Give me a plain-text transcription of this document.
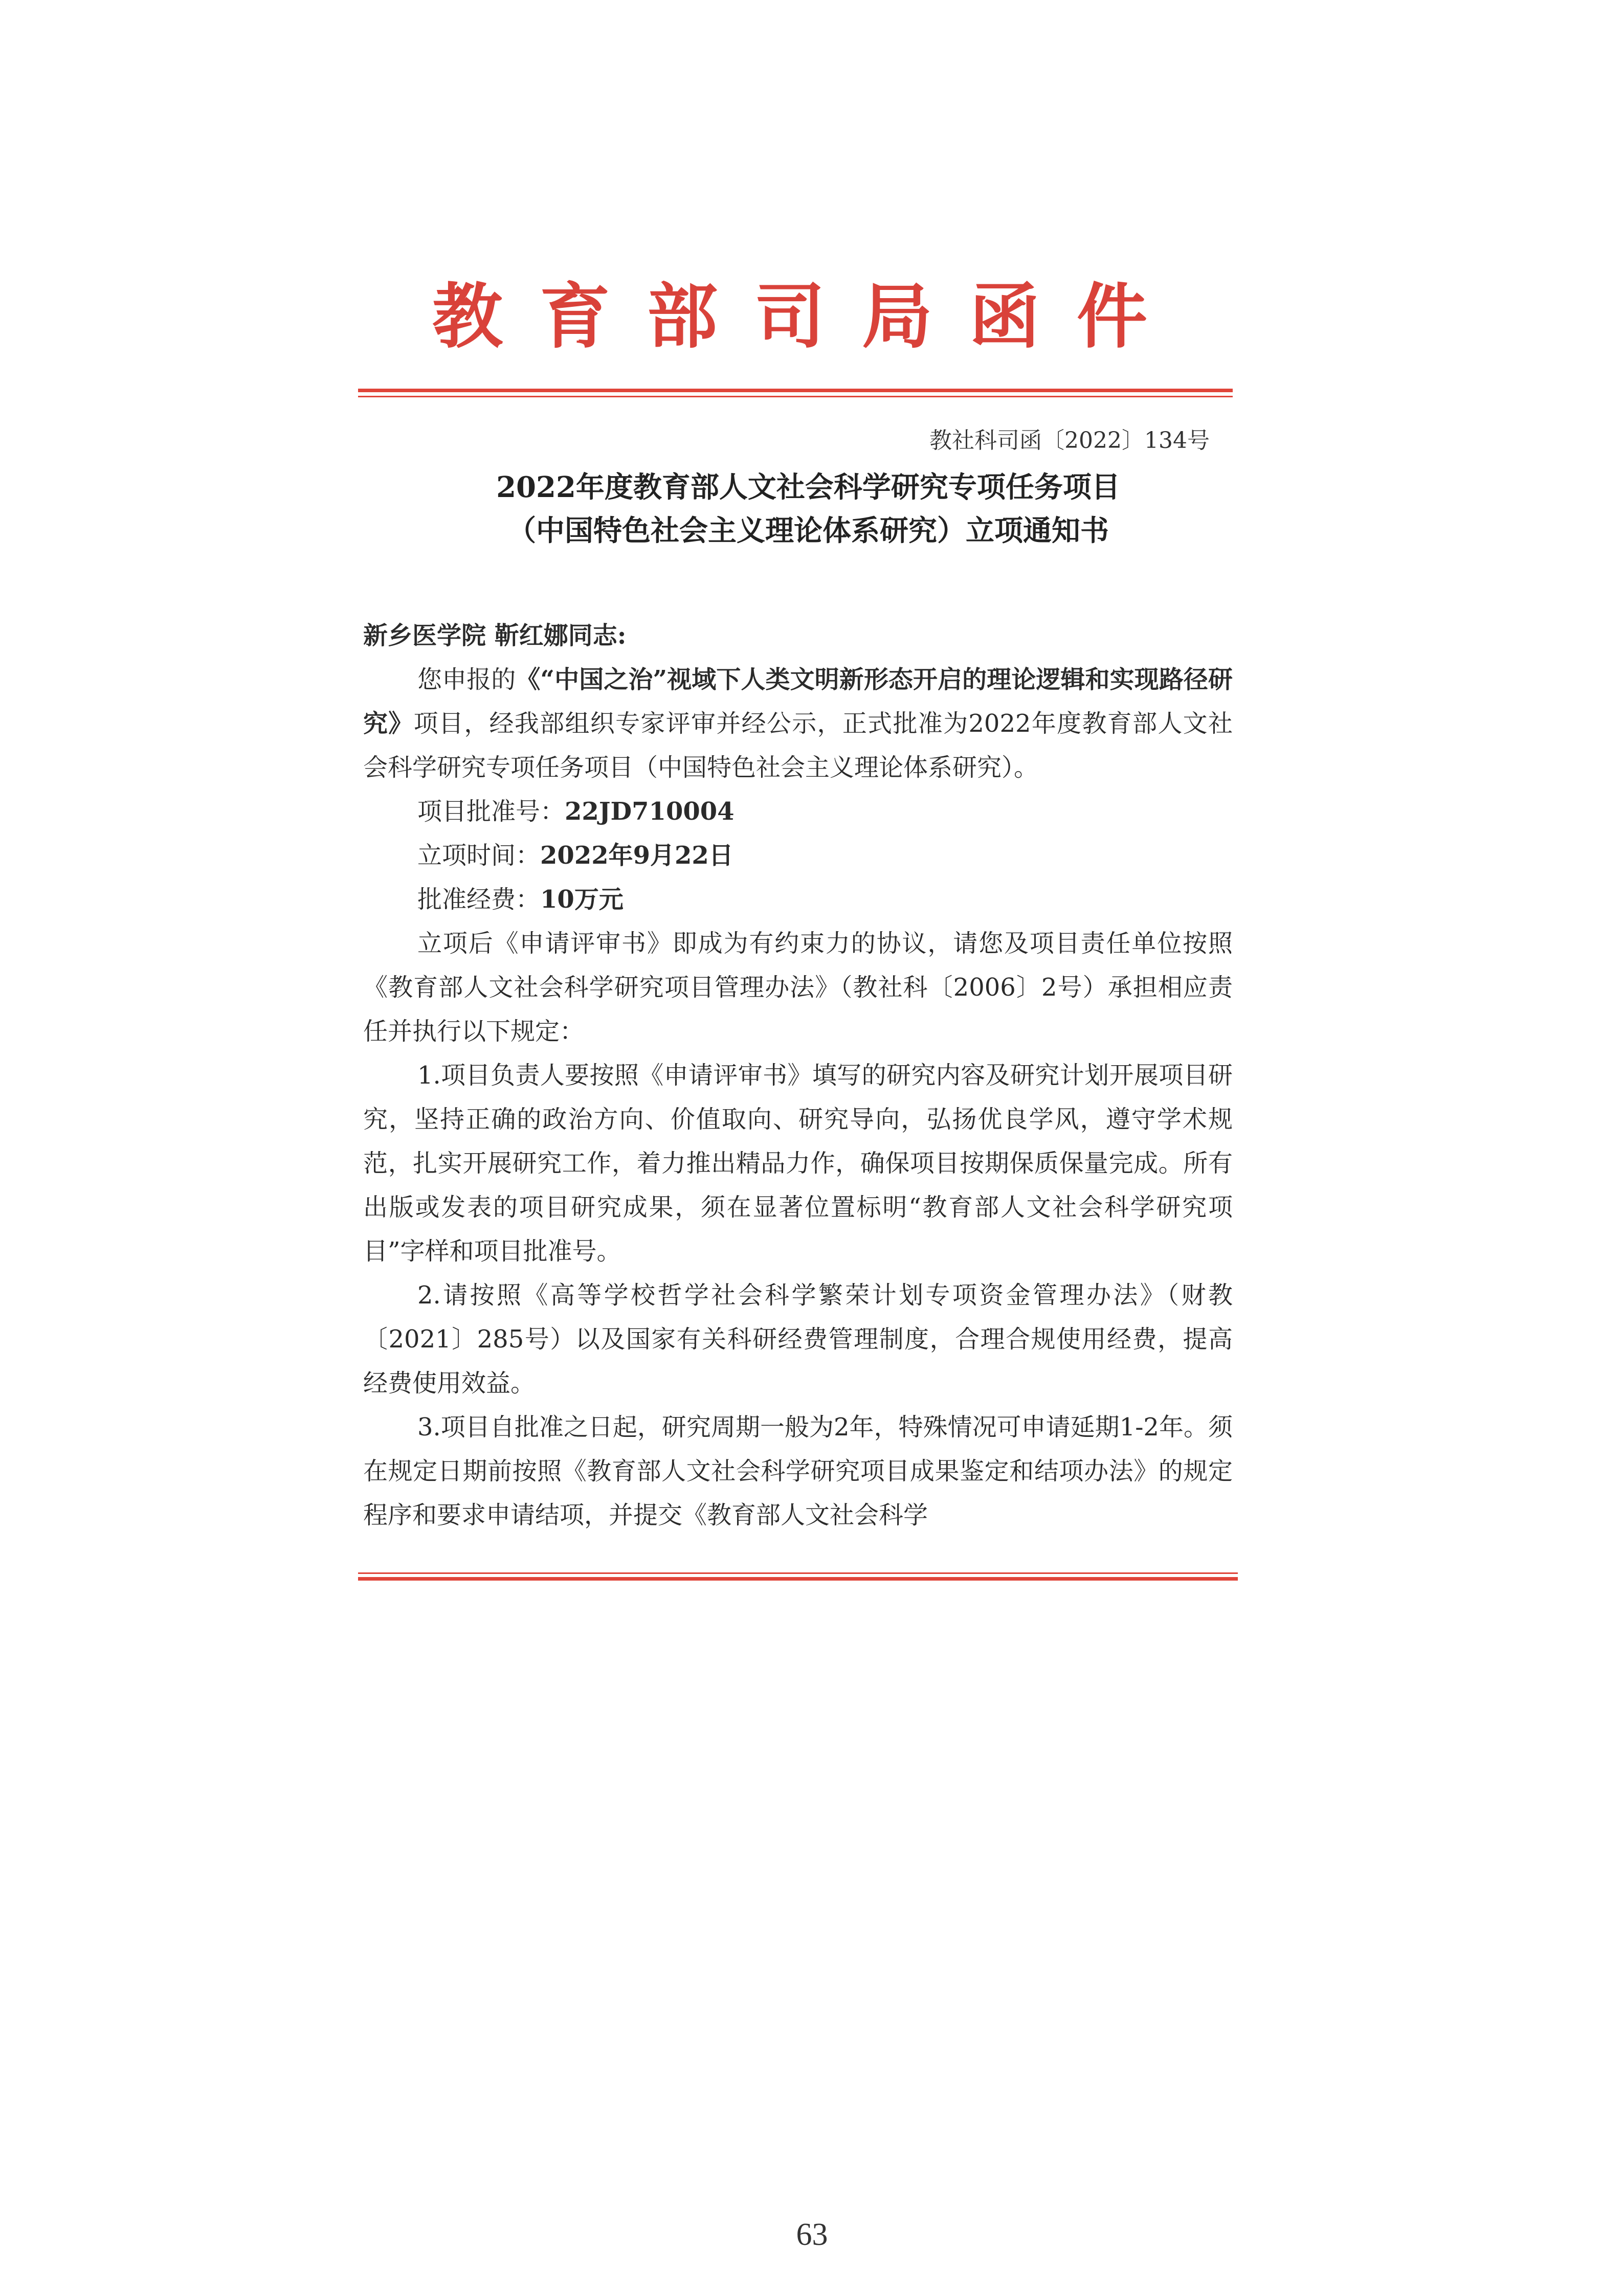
教育部司局函件
教社科司函〔2022〕134号
2022年度教育部人文社会科学研究专项任务项目
（中国特色社会主义理论体系研究）立项通知书

新乡医学院 靳红娜同志:

您申报的《“中国之治”视域下人类文明新形态开启的理论逻辑和实现路径研究》项目，经我部组织专家评审并经公示，正式批准为2022年度教育部人文社会科学研究专项任务项目（中国特色社会主义理论体系研究）。

项目批准号：22JD710004

立项时间：2022年9月22日

批准经费：10万元

立项后《申请评审书》即成为有约束力的协议，请您及项目责任单位按照《教育部人文社会科学研究项目管理办法》（教社科〔2006〕2号）承担相应责任并执行以下规定：

1.项目负责人要按照《申请评审书》填写的研究内容及研究计划开展项目研究，坚持正确的政治方向、价值取向、研究导向，弘扬优良学风，遵守学术规范，扎实开展研究工作，着力推出精品力作，确保项目按期保质保量完成。所有出版或发表的项目研究成果，须在显著位置标明“教育部人文社会科学研究项目”字样和项目批准号。

2.请按照《高等学校哲学社会科学繁荣计划专项资金管理办法》（财教〔2021〕285号）以及国家有关科研经费管理制度，合理合规使用经费，提高经费使用效益。

3.项目自批准之日起，研究周期一般为2年，特殊情况可申请延期1-2年。须在规定日期前按照《教育部人文社会科学研究项目成果鉴定和结项办法》的规定程序和要求申请结项，并提交《教育部人文社会科学

63
